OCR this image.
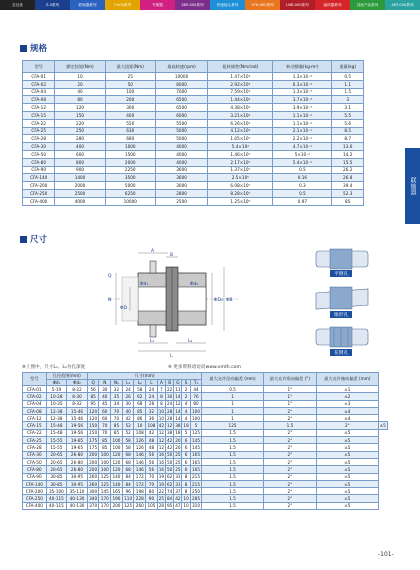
总目录	Z-0系列	联轴器系列	T-000系列	夹紧器	385-000系列	快速接头系列	VFH-000系列	LNR-000系列	编码器系列	其他产品系列	ART-000系列
联轴器
规格
型号	额定扭矩(Nm)	最大扭矩(Nm)	最高转速(rpm)	扭转刚性(Nm/rad)	转动惯量(kg·m²)	重量(kg)
CFA-01	10	25	10000	1.47×10³	1.3×10⁻⁴	0.5
CFA-02	20	50	8000	2.92×10³	6.3×10⁻⁴	1.1
CFA-04	40	100	7000	7.59×10³	1.3×10⁻³	1.5
CFA-08	80	200	6500	1.44×10⁴	3.7×10⁻³	3
CFA-12	120	300	6500	4.38×10⁴	3.9×10⁻³	3.1
CFA-15	150	400	6000	3.21×10⁴	1.1×10⁻²	5.5
CFA-22	220	550	5500	6.26×10⁴	1.1×10⁻²	5.6
CFA-25	250	630	5000	4.12×10⁴	2.1×10⁻²	8.5
CFA-28	280	680	5000	1.05×10⁵	2.2×10⁻²	8.7
CFA-30	400	1000	4000	5.4×10⁴	4.7×10⁻²	13.6
CFA-50	600	1500	4000	1.46×10⁵	5×10⁻²	14.2
CFA-80	800	2000	4000	2.17×10⁵	5.4×10⁻²	15.5
CFA-90	900	2250	3600	1.37×10⁵	0.5	26.2
CFA-140	1400	3500	3600	2.5×10⁵	0.16	26.8
CFA-200	2000	5000	3000	6.08×10⁵	0.3	39.4
CFA-250	2500	6250	2800	8.28×10⁵	0.5	52.3
CFA-400	4000	10000	2500	1.25×10⁶	0.97	85
尺寸
A
B
L₁	L₂
L
N
Q
ΦD
ΦD₂ ΦB
Φd₁	Φd₂
平键孔
锥形孔
花键孔
※上图中，尺寸L₁、L₂为孔深度	※ 更多资料请访问www.vmth.com
型号	孔径范围(mm)		尺寸(mm)											最大允许径向偏差 (mm)	最大允许角向偏差 (°)	最大允许轴向偏差 (mm)	
	Φd₁	Φd₂	Q	N	N₁	L₁	L₂	L	A	B	G	S	T₁				
CFA-01	5-19	8-22	56	30	32	24	58	24	7	22	11	2	44	0.5	1°	±1	
CFA-02	10-28	8-30	85	40	35	26	62	24	8	30	14	2	76	1	1°	±2	
CFA-04	10-35	8-32	95	45	34	30	68	28	8	24	12	4	80	1	1°	±3	
CFA-08	12-38	15-46	120	60	70	40	85	32	10	28	14	4	100	1	2°	±4	
CFA-12	12-38	15-46	120	60	70	42	86	36	10	28	14	4	100	1	2°	±4	
CFA-15	15-48	19-56	150	70	85	52	10	108	42	12	38	18	5	125	1.5	2°	±5
CFA-22	15-48	19-56	150	70	85	52	108	42	12	38	18	5	125	1.5	2°	±5	
CFA-25	15-55	19-65	175	85	100	58	126	48	12	42	20	6	145	1.5	2°	±5	
CFA-28	15-55	19-65	175	85	100	58	126	48	12	42	20	6	145	1.5	2°	±5	
CFA-30	20-65	26-80	200	100	120	68	146	56	16	50	25	6	165	1.5	2°	±5	
CFA-50	20-65	26-80	200	100	120	68	146	56	16	50	25	6	165	1.5	2°	±5	
CFA-80	20-65	26-80	200	100	120	68	146	56	16	50	25	6	165	1.5	2°	±5	
CFA-90	30-85	30-95	260	125	140	84	172	70	19	62	31	8	215	1.5	2°	±5	
CFA-140	30-85	30-95	260	125	140	84	172	70	19	62	31	8	215	1.5	2°	±5	
CFA-200	35-100	35-110	300	145	165	96	198	80	22	74	37	8	250	1.5	2°	±5	
CFA-250	40-115	40-130	340	170	190	110	228	90	25	84	42	10	285	1.5	2°	±5	
CFA-400	40-115	40-130	370	170	200	125	260	105	28	95	47	10	310	1.5	2°	±5	
-101-
